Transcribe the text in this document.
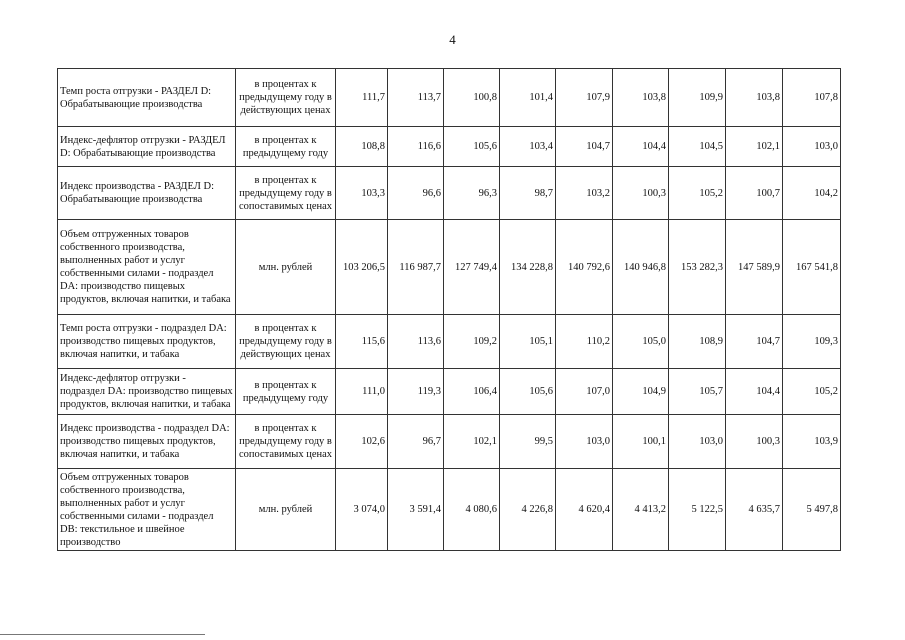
4
Темп роста отгрузки - РАЗДЕЛ D: Обрабатывающие производства	в процентах к предыдущему году в действующих ценах	111,7	113,7	100,8	101,4	107,9	103,8	109,9	103,8	107,8
Индекс-дефлятор отгрузки - РАЗДЕЛ D: Обрабатывающие производства	в процентах к предыдущему году	108,8	116,6	105,6	103,4	104,7	104,4	104,5	102,1	103,0
Индекс производства - РАЗДЕЛ D: Обрабатывающие производства	в процентах к предыдущему году в сопоставимых ценах	103,3	96,6	96,3	98,7	103,2	100,3	105,2	100,7	104,2
Объем отгруженных товаров собственного производства, выполненных работ и услуг собственными силами - подраздел DA: производство пищевых продуктов, включая напитки, и табака	млн. рублей	103 206,5	116 987,7	127 749,4	134 228,8	140 792,6	140 946,8	153 282,3	147 589,9	167 541,8
Темп роста отгрузки - подраздел DA: производство пищевых продуктов, включая напитки, и табака	в процентах к предыдущему году в действующих ценах	115,6	113,6	109,2	105,1	110,2	105,0	108,9	104,7	109,3
Индекс-дефлятор отгрузки - подраздел DA: производство пищевых продуктов, включая напитки, и табака	в процентах к предыдущему году	111,0	119,3	106,4	105,6	107,0	104,9	105,7	104,4	105,2
Индекс производства - подраздел DA: производство пищевых продуктов, включая напитки, и табака	в процентах к предыдущему году в сопоставимых ценах	102,6	96,7	102,1	99,5	103,0	100,1	103,0	100,3	103,9
Объем отгруженных товаров собственного производства, выполненных работ и услуг собственными силами - подраздел DB: текстильное и швейное производство	млн. рублей	3 074,0	3 591,4	4 080,6	4 226,8	4 620,4	4 413,2	5 122,5	4 635,7	5 497,8
